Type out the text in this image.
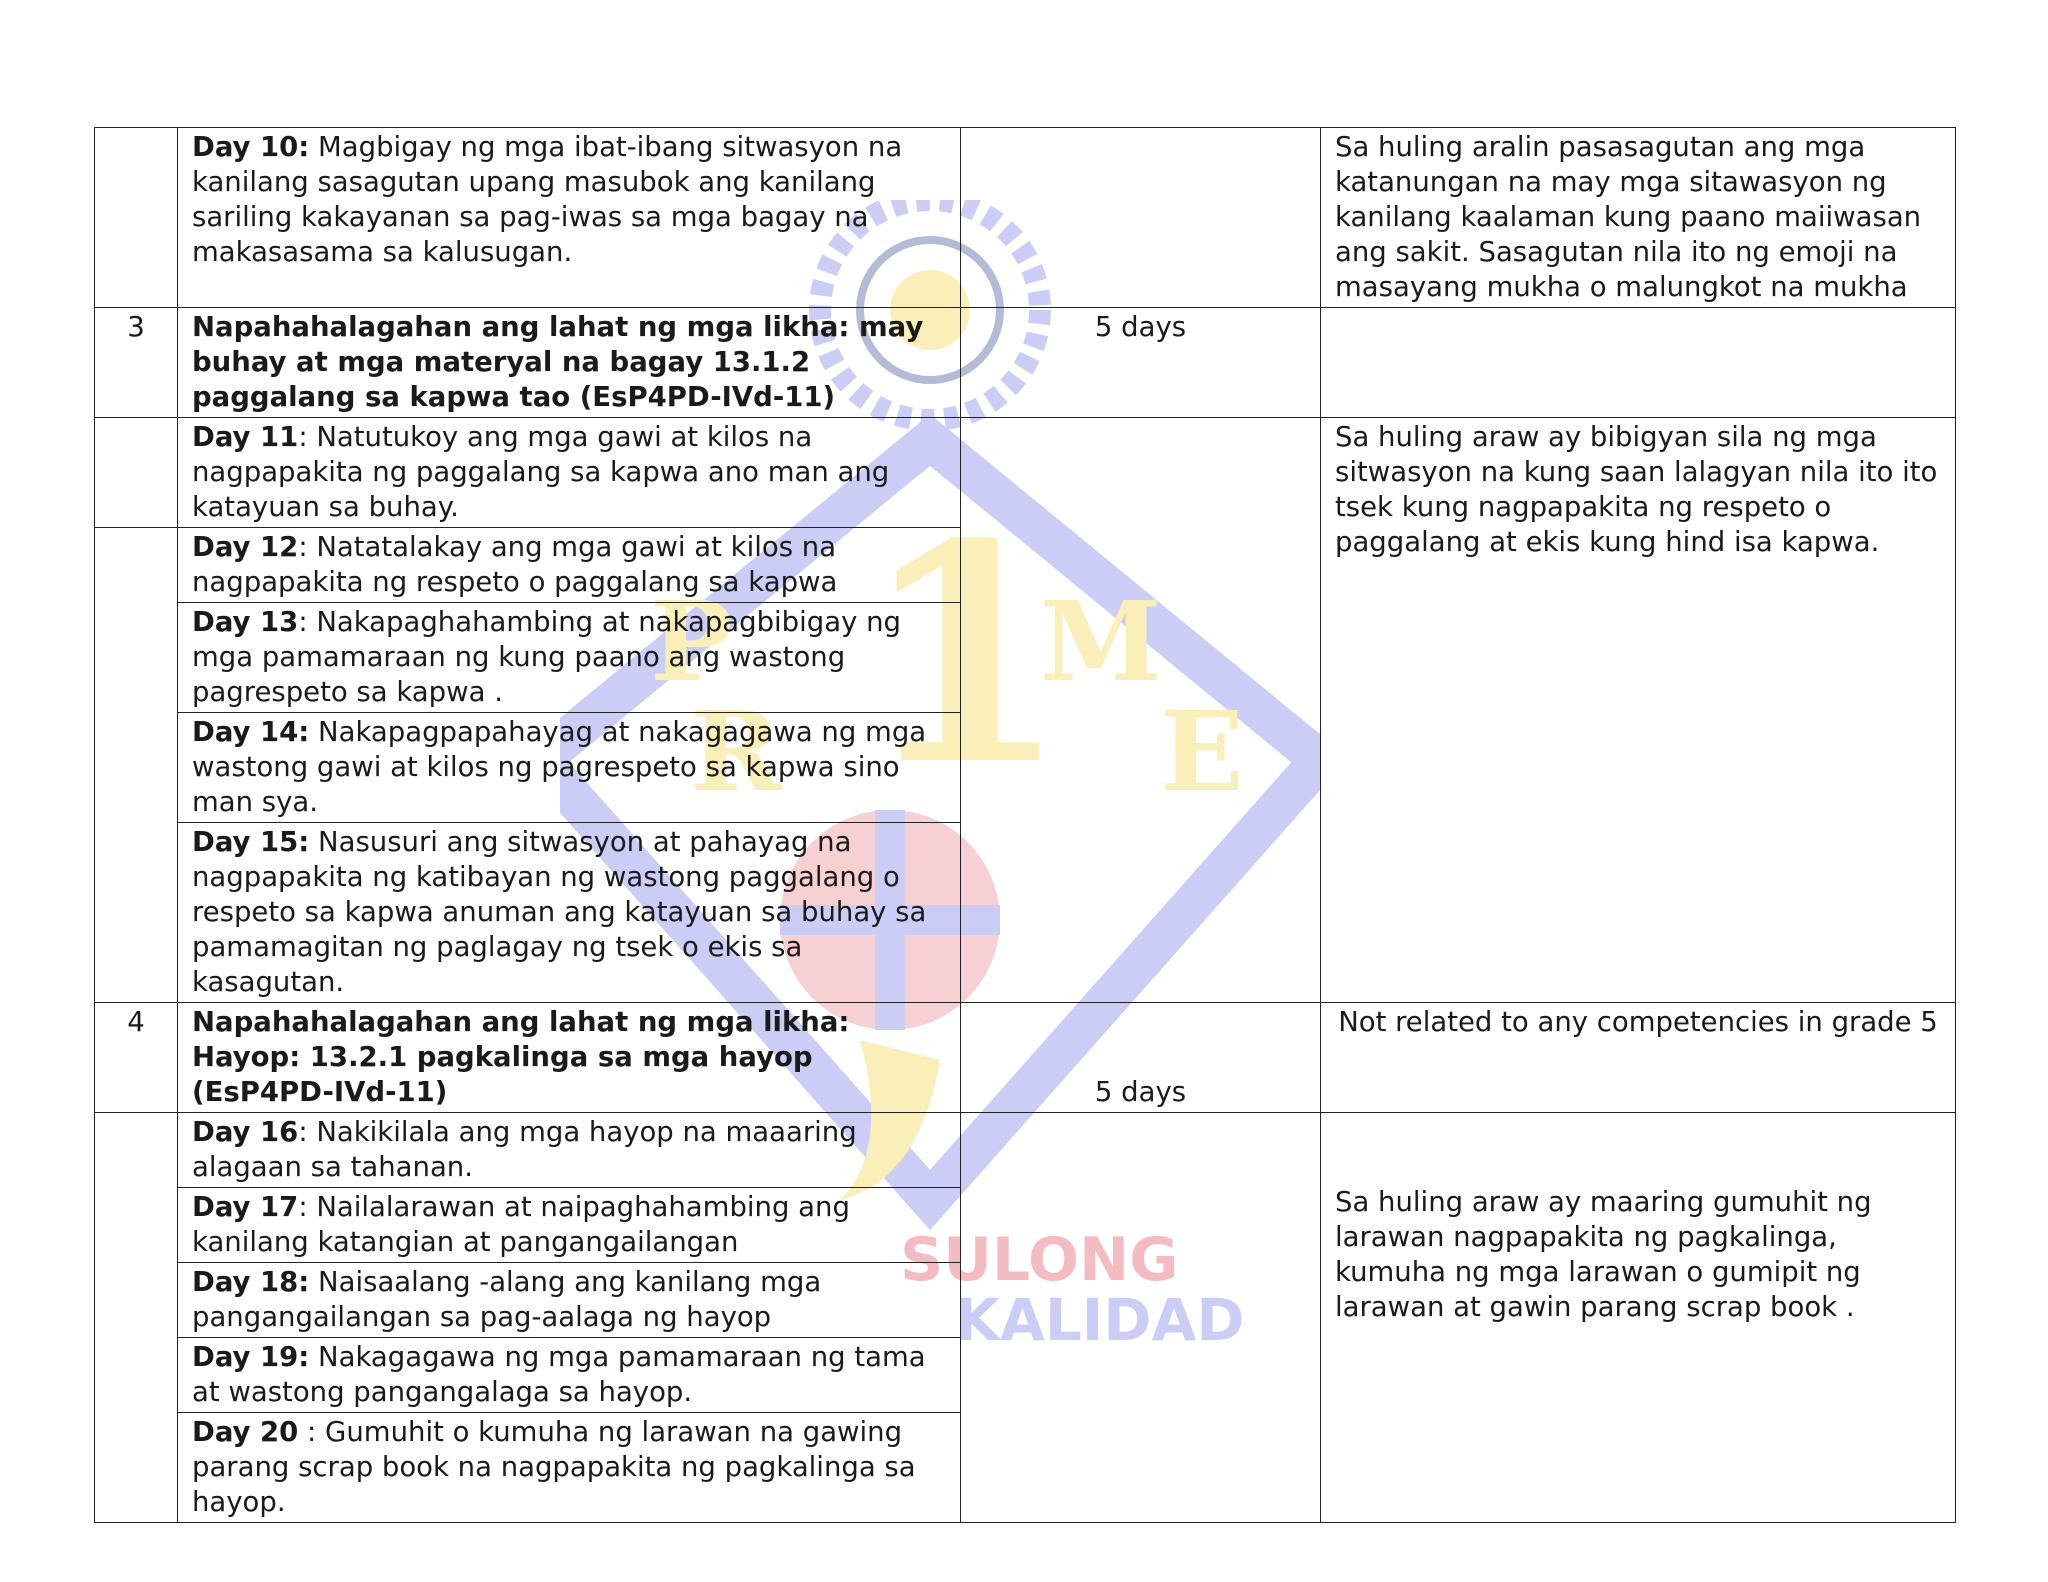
1
P
R
M
E
SULONG
KALIDAD
	Day 10: Magbigay ng mga ibat-ibang sitwasyon na kanilang sasagutan upang masubok ang kanilang sariling kakayanan sa pag-iwas sa mga bagay na makasasama sa kalusugan.		Sa huling aralin pasasagutan ang mga katanungan na may mga sitawasyon ng kanilang kaalaman kung paano maiiwasan ang sakit. Sasagutan nila ito ng emoji na masayang mukha o malungkot na mukha
3	Napahahalagahan ang lahat ng mga likha: may buhay at mga materyal na bagay 13.1.2 paggalang sa kapwa tao (EsP4PD-IVd-11)	5 days	
	Day 11: Natutukoy ang mga gawi at kilos na nagpapakita ng paggalang sa kapwa ano man ang katayuan sa buhay.		Sa huling araw ay bibigyan sila ng mga sitwasyon na kung saan lalagyan nila ito ito tsek kung nagpapakita ng respeto o paggalang at ekis kung hind isa kapwa.
	Day 12: Natatalakay ang mga gawi at kilos na nagpapakita ng respeto o paggalang sa kapwa		
	Day 13: Nakapaghahambing at nakapagbibigay ng mga pamamaraan ng kung paano ang wastong pagrespeto sa kapwa .		
	Day 14: Nakapagpapahayag at nakagagawa ng mga wastong gawi at kilos ng pagrespeto sa kapwa sino man sya.		
	Day 15: Nasusuri ang sitwasyon at pahayag na nagpapakita ng katibayan ng wastong paggalang o respeto sa kapwa anuman ang katayuan sa buhay sa pamamagitan ng paglagay ng tsek o ekis sa kasagutan.		
4	Napahahalagahan ang lahat ng mga likha: Hayop: 13.2.1 pagkalinga sa mga hayop (EsP4PD-IVd-11)	5 days	Not related to any competencies in grade 5
	Day 16: Nakikilala ang mga hayop na maaaring alagaan sa tahanan.		Sa huling araw ay maaring gumuhit ng larawan nagpapakita ng pagkalinga, kumuha ng mga larawan o gumipit ng larawan at gawin parang scrap book .
	Day 17: Nailalarawan at naipaghahambing ang kanilang katangian at pangangailangan		
	Day 18: Naisaalang -alang ang kanilang mga pangangailangan sa pag-aalaga ng hayop		
	Day 19: Nakagagawa ng mga pamamaraan ng tama at wastong pangangalaga sa hayop.		
	Day 20 : Gumuhit o kumuha ng larawan na gawing parang scrap book na nagpapakita ng pagkalinga sa hayop.		
